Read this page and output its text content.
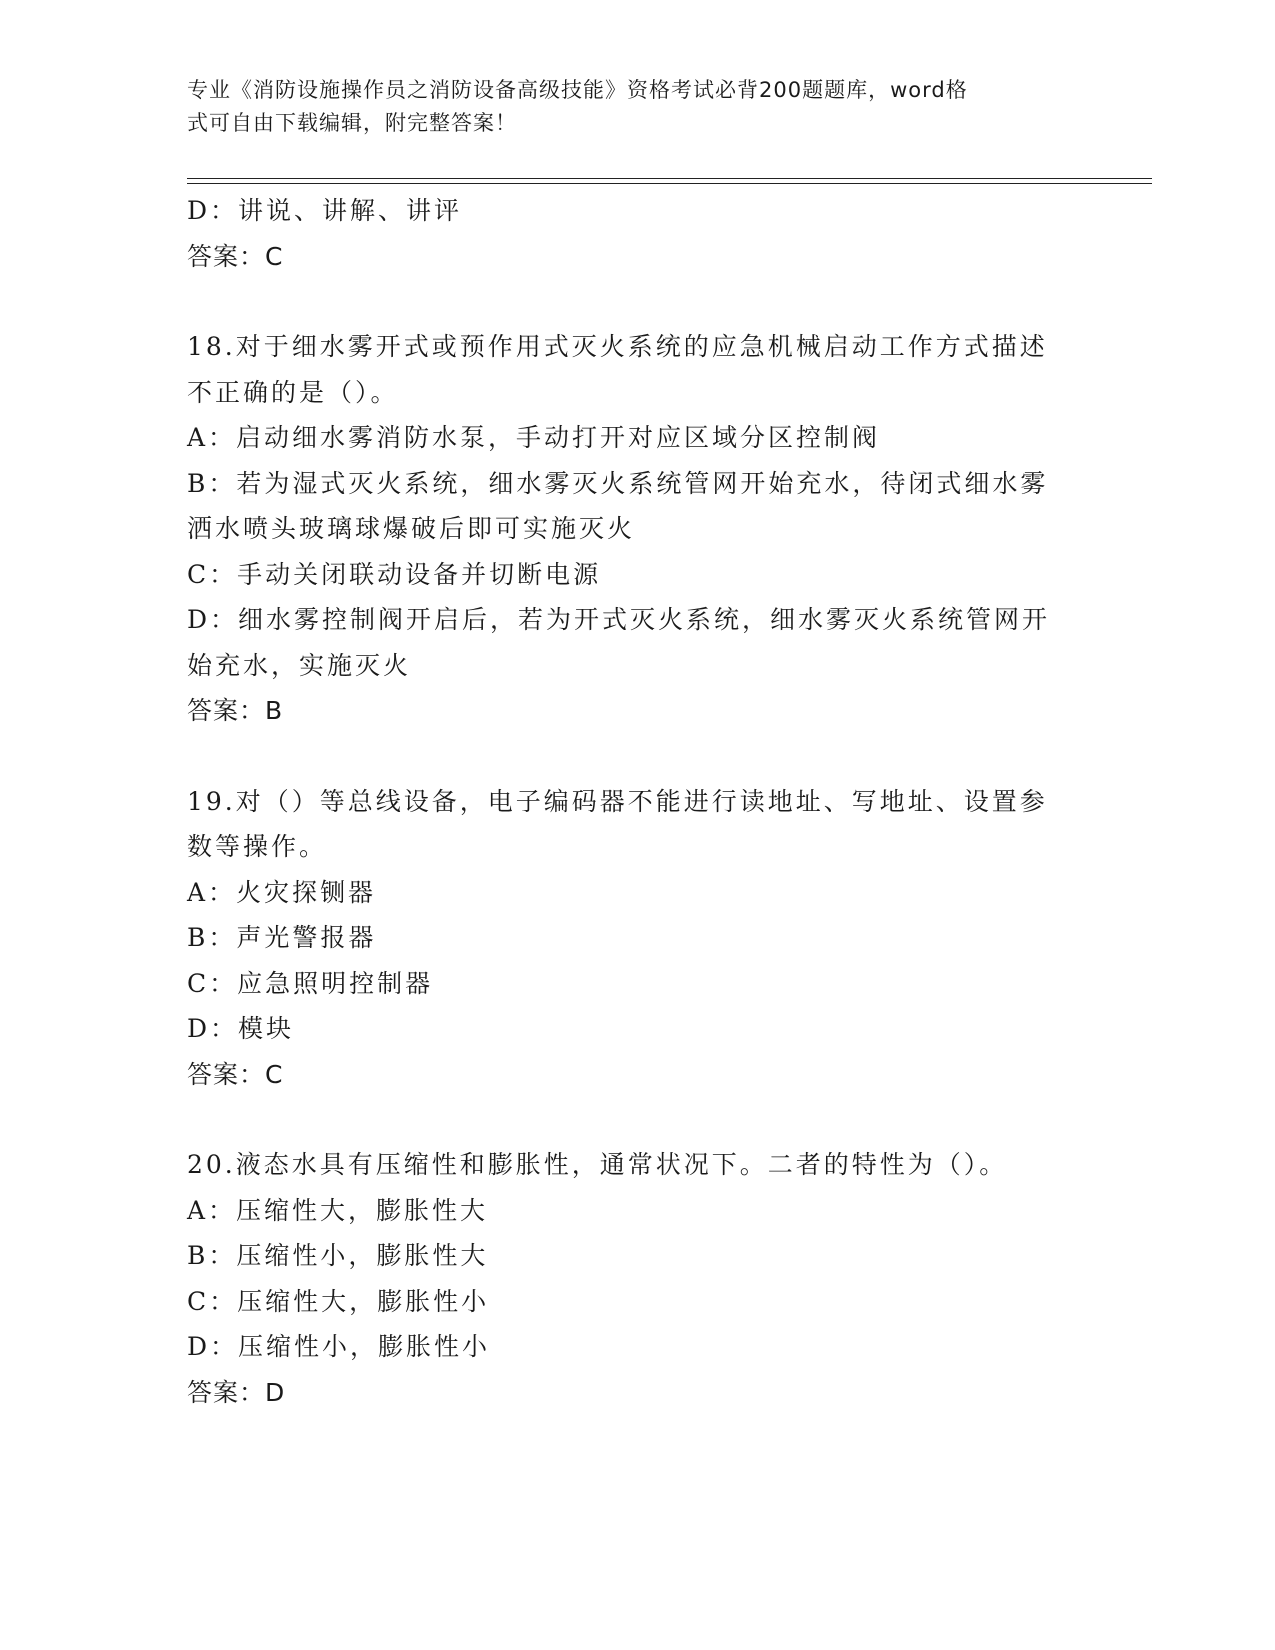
专业《消防设施操作员之消防设备高级技能》资格考试必背200题题库，word格
式可自由下载编辑，附完整答案！
D：讲说、讲解、讲评
答案：C
18.对于细水雾开式或预作用式灭火系统的应急机械启动工作方式描述
不正确的是（）。
A：启动细水雾消防水泵，手动打开对应区域分区控制阀
B：若为湿式灭火系统，细水雾灭火系统管网开始充水，待闭式细水雾
洒水喷头玻璃球爆破后即可实施灭火
C：手动关闭联动设备并切断电源
D：细水雾控制阀开启后，若为开式灭火系统，细水雾灭火系统管网开
始充水，实施灭火
答案：B
19.对（）等总线设备，电子编码器不能进行读地址、写地址、设置参
数等操作。
A：火灾探铡器
B：声光警报器
C：应急照明控制器
D：模块
答案：C
20.液态水具有压缩性和膨胀性，通常状况下。二者的特性为（）。
A：压缩性大，膨胀性大
B：压缩性小，膨胀性大
C：压缩性大，膨胀性小
D：压缩性小，膨胀性小
答案：D
